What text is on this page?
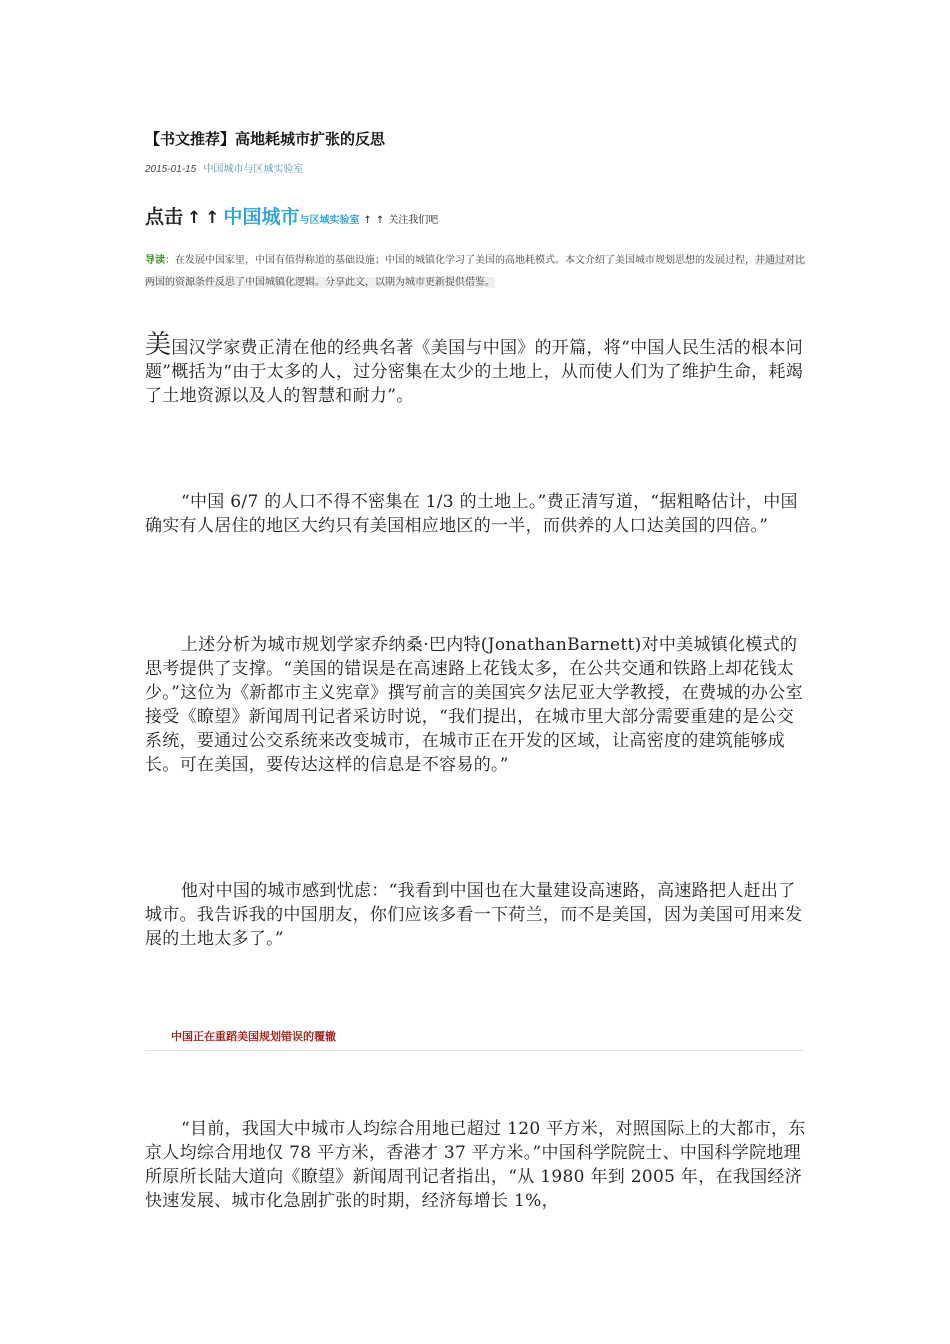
【书文推荐】高地耗城市扩张的反思
2015-01-15 中国城市与区域实验室
点击 ↑ ↑ 中国城市 与区域实验室 ↑ ↑ 关注我们吧
导读：在发展中国家里，中国有值得称道的基础设施；中国的城镇化学习了美国的高地耗模式。本文介绍了美国城市规划思想的发展过程，并通过对比两国的资源条件反思了中国城镇化逻辑。分享此文，以期为城市更新提供借鉴。
美国汉学家费正清在他的经典名著《美国与中国》的开篇，将“中国人民生活的根本问题”概括为“由于太多的人，过分密集在太少的土地上，从而使人们为了维护生命，耗竭了土地资源以及人的智慧和耐力”。
“中国 6/7 的人口不得不密集在 1/3 的土地上。”费正清写道，“据粗略估计，中国确实有人居住的地区大约只有美国相应地区的一半，而供养的人口达美国的四倍。”
上述分析为城市规划学家乔纳桑·巴内特(JonathanBarnett)对中美城镇化模式的思考提供了支撑。“美国的错误是在高速路上花钱太多，在公共交通和铁路上却花钱太少。”这位为《新都市主义宪章》撰写前言的美国宾夕法尼亚大学教授，在费城的办公室接受《瞭望》新闻周刊记者采访时说，“我们提出，在城市里大部分需要重建的是公交系统，要通过公交系统来改变城市，在城市正在开发的区域，让高密度的建筑能够成长。可在美国，要传达这样的信息是不容易的。”
他对中国的城市感到忧虑：“我看到中国也在大量建设高速路，高速路把人赶出了城市。我告诉我的中国朋友，你们应该多看一下荷兰，而不是美国，因为美国可用来发展的土地太多了。”
中国正在重蹈美国规划错误的覆辙
“目前，我国大中城市人均综合用地已超过 120 平方米，对照国际上的大都市，东京人均综合用地仅 78 平方米，香港才 37 平方米。”中国科学院院士、中国科学院地理所原所长陆大道向《瞭望》新闻周刊记者指出，“从 1980 年到 2005 年，在我国经济快速发展、城市化急剧扩张的时期，经济每增长 1%，
